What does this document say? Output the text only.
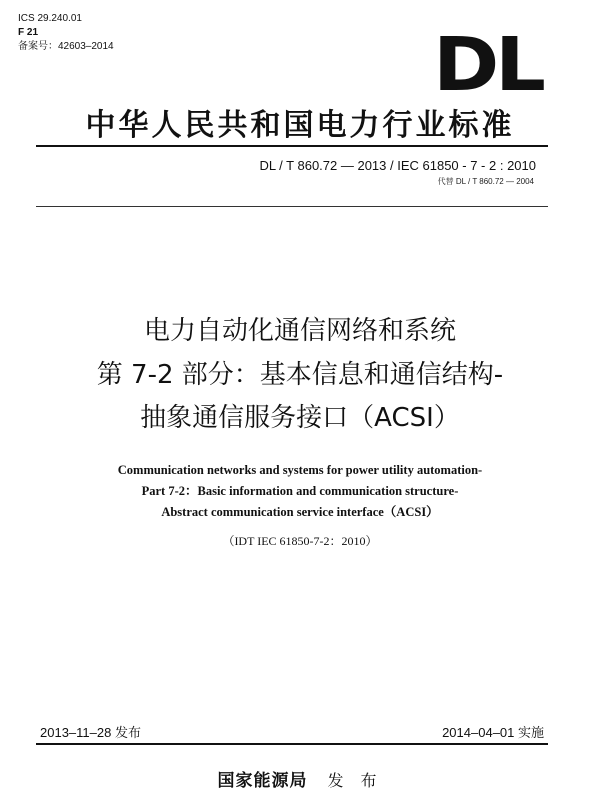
ICS 29.240.01
F 21
备案号：42603–2014	DL
中华人民共和国电力行业标准
DL / T 860.72 — 2013 / IEC 61850 - 7 - 2 : 2010
代替 DL / T 860.72 — 2004
电力自动化通信网络和系统
第 7-2 部分：基本信息和通信结构-
抽象通信服务接口（ACSI）
Communication networks and systems for power utility automation-
Part 7-2：Basic information and communication structure-
Abstract communication service interface（ACSI）
（IDT IEC 61850-7-2：2010）
2013–11–28 发布	2014–04–01 实施
国家能源局 发 布
